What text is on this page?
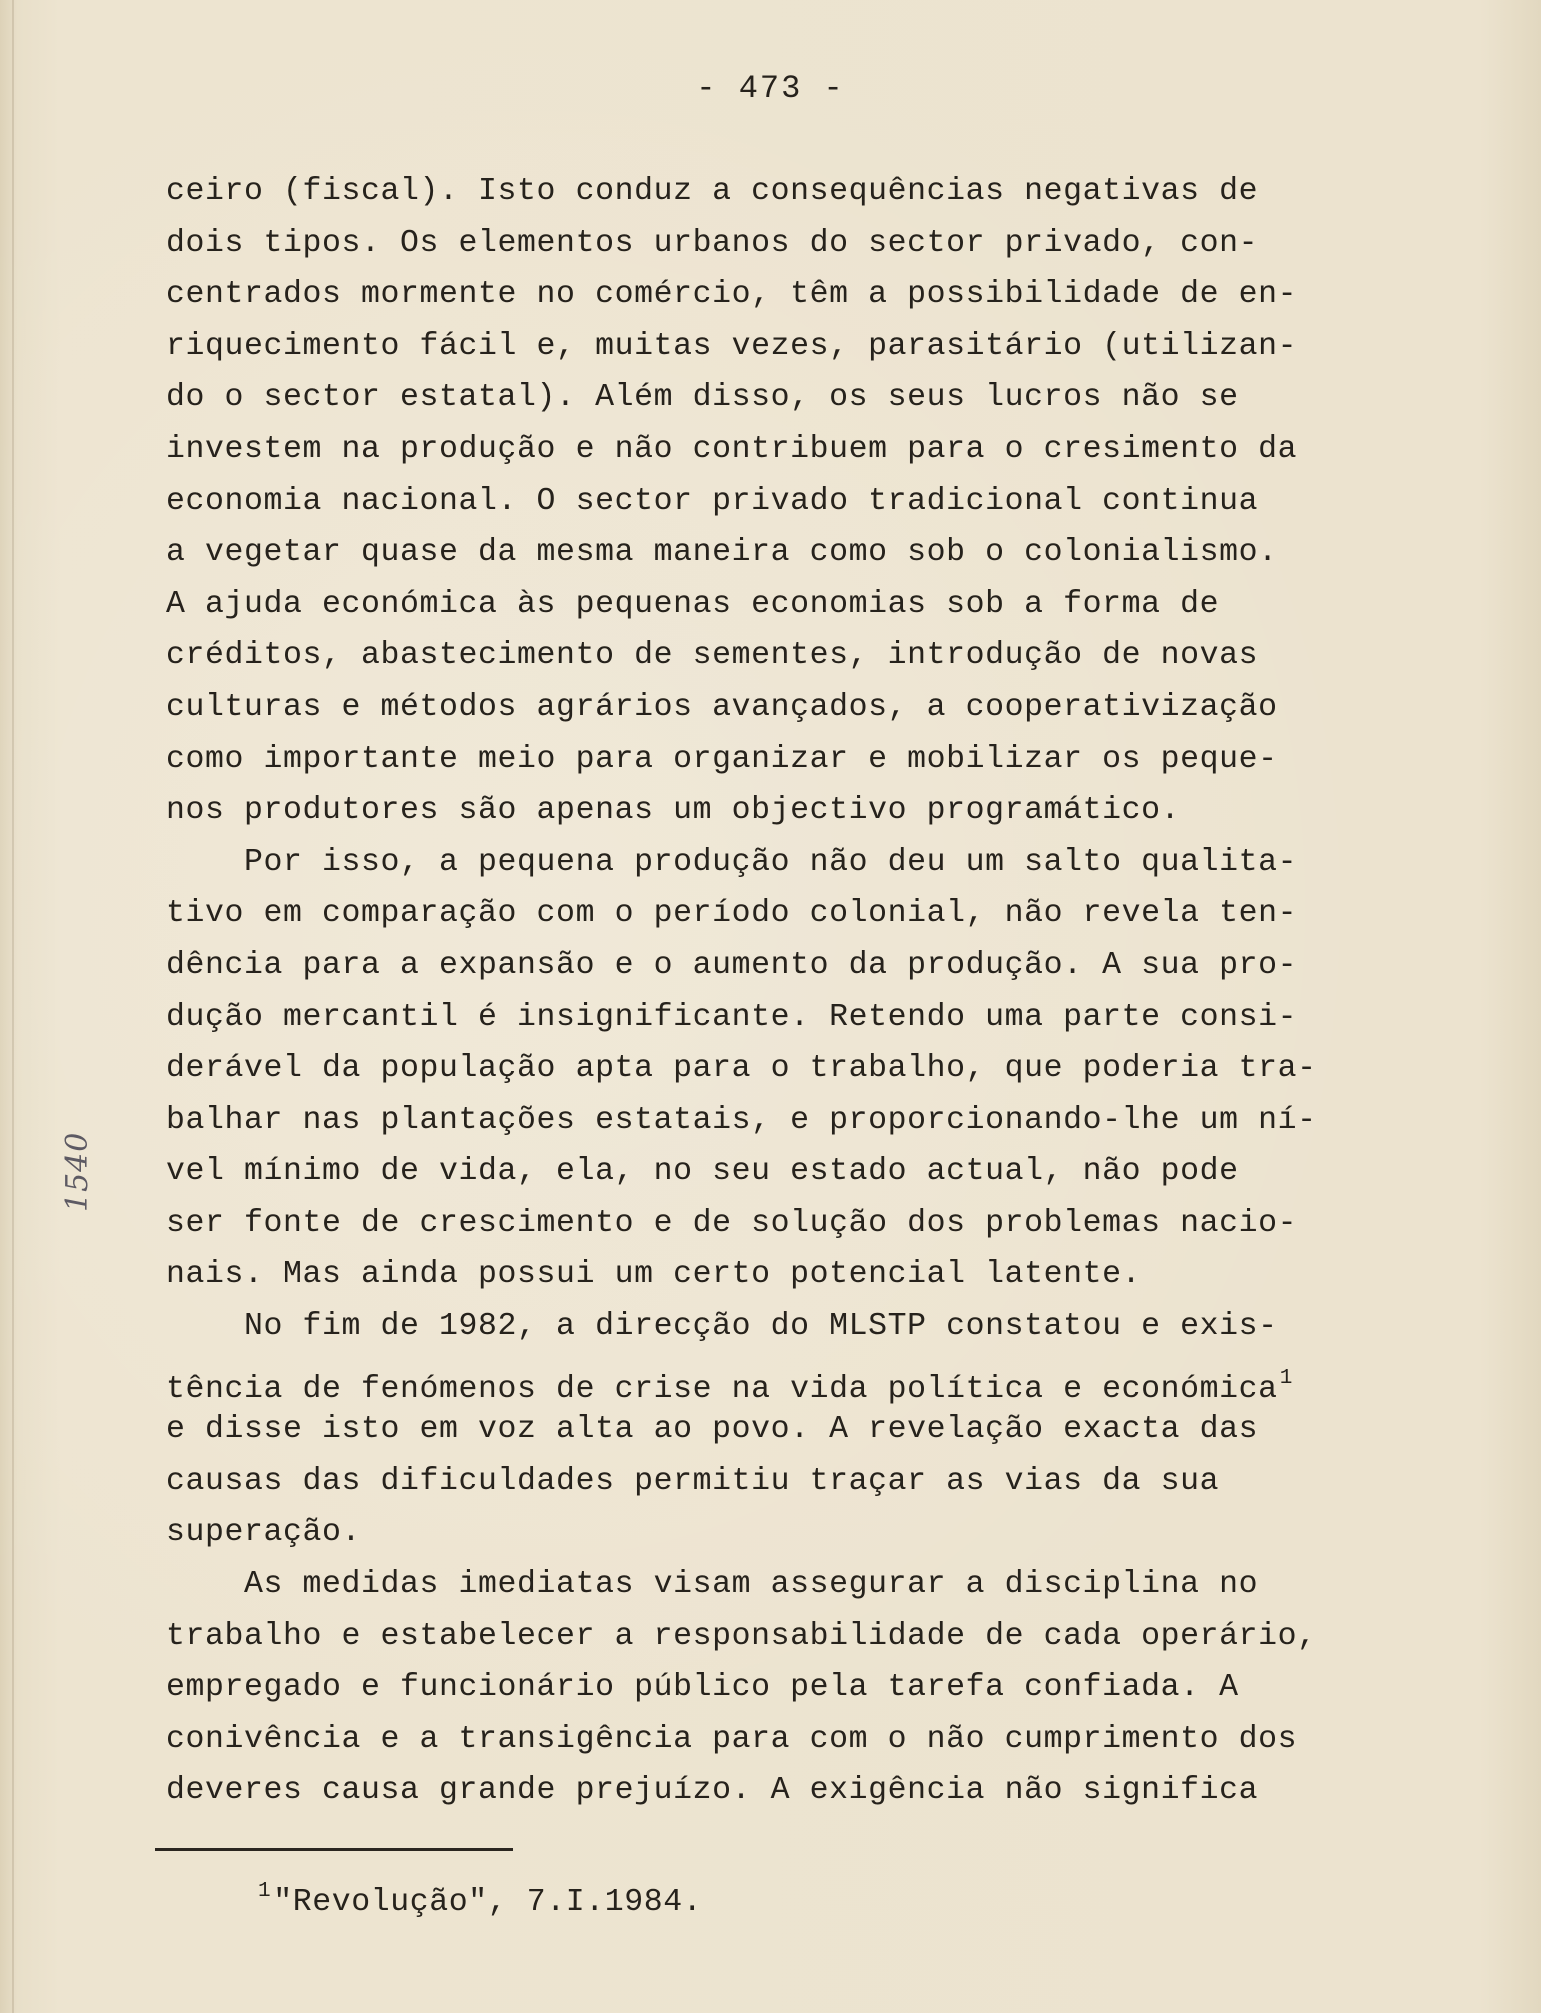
- 473 -
1540
ceiro (fiscal). Isto conduz a consequências negativas de
dois tipos. Os elementos urbanos do sector privado, con-
centrados mormente no comércio, têm a possibilidade de en-
riquecimento fácil e, muitas vezes, parasitário (utilizan-
do o sector estatal). Além disso, os seus lucros não se
investem na produção e não contribuem para o cresimento da
economia nacional. O sector privado tradicional continua
a vegetar quase da mesma maneira como sob o colonialismo.
A ajuda económica às pequenas economias sob a forma de
créditos, abastecimento de sementes, introdução de novas
culturas e métodos agrários avançados, a cooperativização
como importante meio para organizar e mobilizar os peque-
nos produtores são apenas um objectivo programático.
Por isso, a pequena produção não deu um salto qualita-
tivo em comparação com o período colonial, não revela ten-
dência para a expansão e o aumento da produção. A sua pro-
dução mercantil é insignificante. Retendo uma parte consi-
derável da população apta para o trabalho, que poderia tra-
balhar nas plantações estatais, e proporcionando-lhe um ní-
vel mínimo de vida, ela, no seu estado actual, não pode
ser fonte de crescimento e de solução dos problemas nacio-
nais. Mas ainda possui um certo potencial latente.
No fim de 1982, a direcção do MLSTP constatou e exis-
tência de fenómenos de crise na vida política e económica$^1$
e disse isto em voz alta ao povo. A revelação exacta das
causas das dificuldades permitiu traçar as vias da sua
superação.
As medidas imediatas visam assegurar a disciplina no
trabalho e estabelecer a responsabilidade de cada operário,
empregado e funcionário público pela tarefa confiada. A
conivência e a transigência para com o não cumprimento dos
deveres causa grande prejuízo. A exigência não significa
$^1$"Revolução", 7.I.1984.
